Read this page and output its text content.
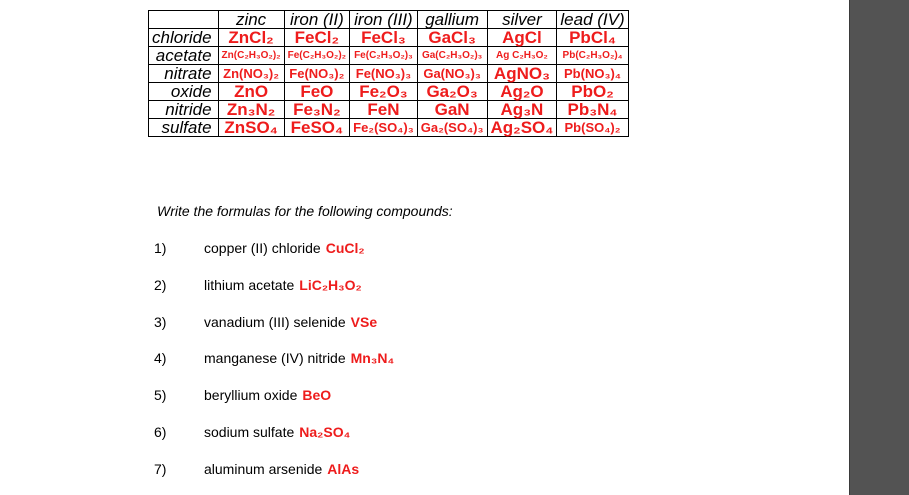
	zinc	iron (II)	iron (III)	gallium	silver	lead (IV)
chloride	ZnCl₂	FeCl₂	FeCl₃	GaCl₃	AgCl	PbCl₄
acetate	Zn(C₂H₃O₂)₂	Fe(C₂H₃O₂)₂	Fe(C₂H₃O₂)₃	Ga(C₂H₃O₂)₃	Ag C₂H₃O₂	Pb(C₂H₃O₂)₄
nitrate	Zn(NO₃)₂	Fe(NO₃)₂	Fe(NO₃)₃	Ga(NO₃)₃	AgNO₃	Pb(NO₃)₄
oxide	ZnO	FeO	Fe₂O₃	Ga₂O₃	Ag₂O	PbO₂
nitride	Zn₃N₂	Fe₃N₂	FeN	GaN	Ag₃N	Pb₃N₄
sulfate	ZnSO₄	FeSO₄	Fe₂(SO₄)₃	Ga₂(SO₄)₃	Ag₂SO₄	Pb(SO₄)₂
Write the formulas for the following compounds:
1)	copper (II) chloride CuCl₂
2)	lithium acetate LiC₂H₃O₂
3)	vanadium (III) selenide VSe
4)	manganese (IV) nitride Mn₃N₄
5)	beryllium oxide BeO
6)	sodium sulfate Na₂SO₄
7)	aluminum arsenide AlAs
